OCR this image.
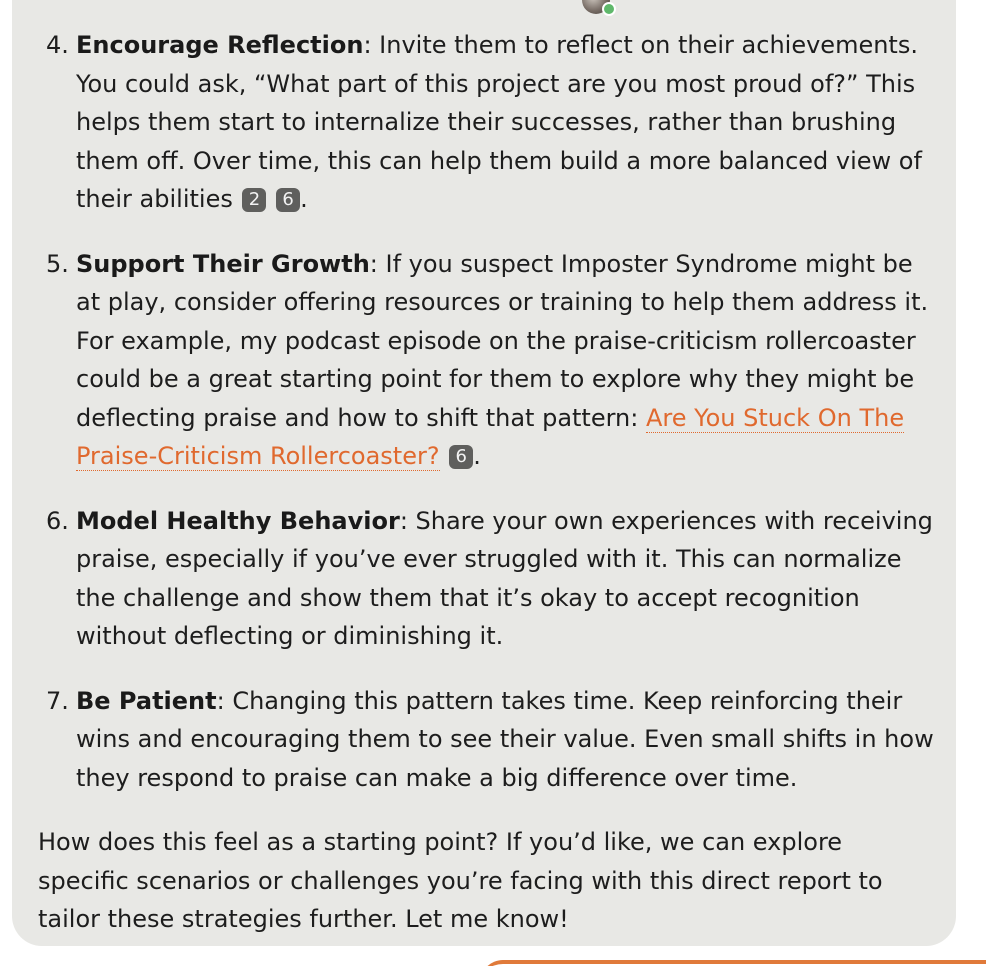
4. Encourage Reflection: Invite them to reflect on their achievements. You could ask, “What part of this project are you most proud of?” This helps them start to internalize their successes, rather than brushing them off. Over time, this can help them build a more balanced view of their abilities 2 6 .
5. Support Their Growth: If you suspect Imposter Syndrome might be at play, consider offering resources or training to help them address it. For example, my podcast episode on the praise-criticism rollercoaster could be a great starting point for them to explore why they might be deflecting praise and how to shift that pattern: Are You Stuck On The Praise-Criticism Rollercoaster? 6 .
6. Model Healthy Behavior: Share your own experiences with receiving praise, especially if you’ve ever struggled with it. This can normalize the challenge and show them that it’s okay to accept recognition without deflecting or diminishing it.
7. Be Patient: Changing this pattern takes time. Keep reinforcing their wins and encouraging them to see their value. Even small shifts in how they respond to praise can make a big difference over time.

How does this feel as a starting point? If you’d like, we can explore specific scenarios or challenges you’re facing with this direct report to tailor these strategies further. Let me know!
